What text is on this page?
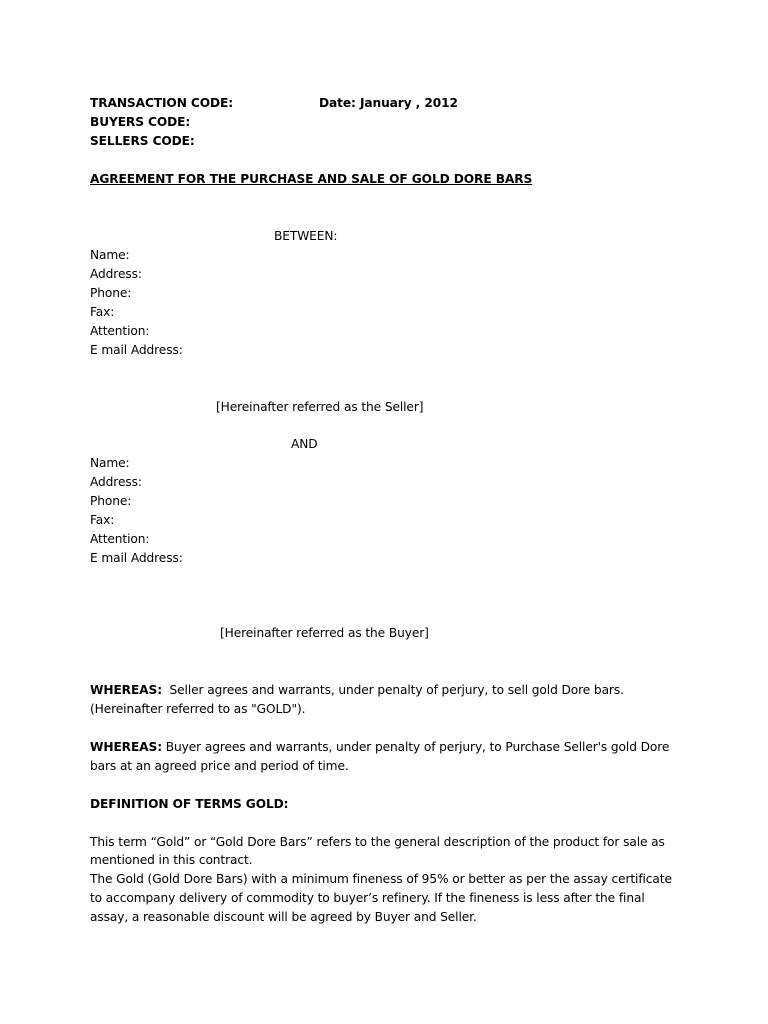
TRANSACTION CODE:	Date: January , 2012
BUYERS CODE:
SELLERS CODE:
AGREEMENT FOR THE PURCHASE AND SALE OF GOLD DORE BARS
BETWEEN:
Name:
Address:
Phone:
Fax:
Attention:
E mail Address:
[Hereinafter referred as the Seller]
AND
Name:
Address:
Phone:
Fax:
Attention:
E mail Address:
[Hereinafter referred as the Buyer]
WHEREAS:  Seller agrees and warrants, under penalty of perjury, to sell gold Dore bars.
(Hereinafter referred to as "GOLD").
WHEREAS: Buyer agrees and warrants, under penalty of perjury, to Purchase Seller's gold Dore
bars at an agreed price and period of time.
DEFINITION OF TERMS GOLD:
This term “Gold” or “Gold Dore Bars” refers to the general description of the product for sale as
mentioned in this contract.
The Gold (Gold Dore Bars) with a minimum fineness of 95% or better as per the assay certificate
to accompany delivery of commodity to buyer’s refinery. If the fineness is less after the final
assay, a reasonable discount will be agreed by Buyer and Seller.
